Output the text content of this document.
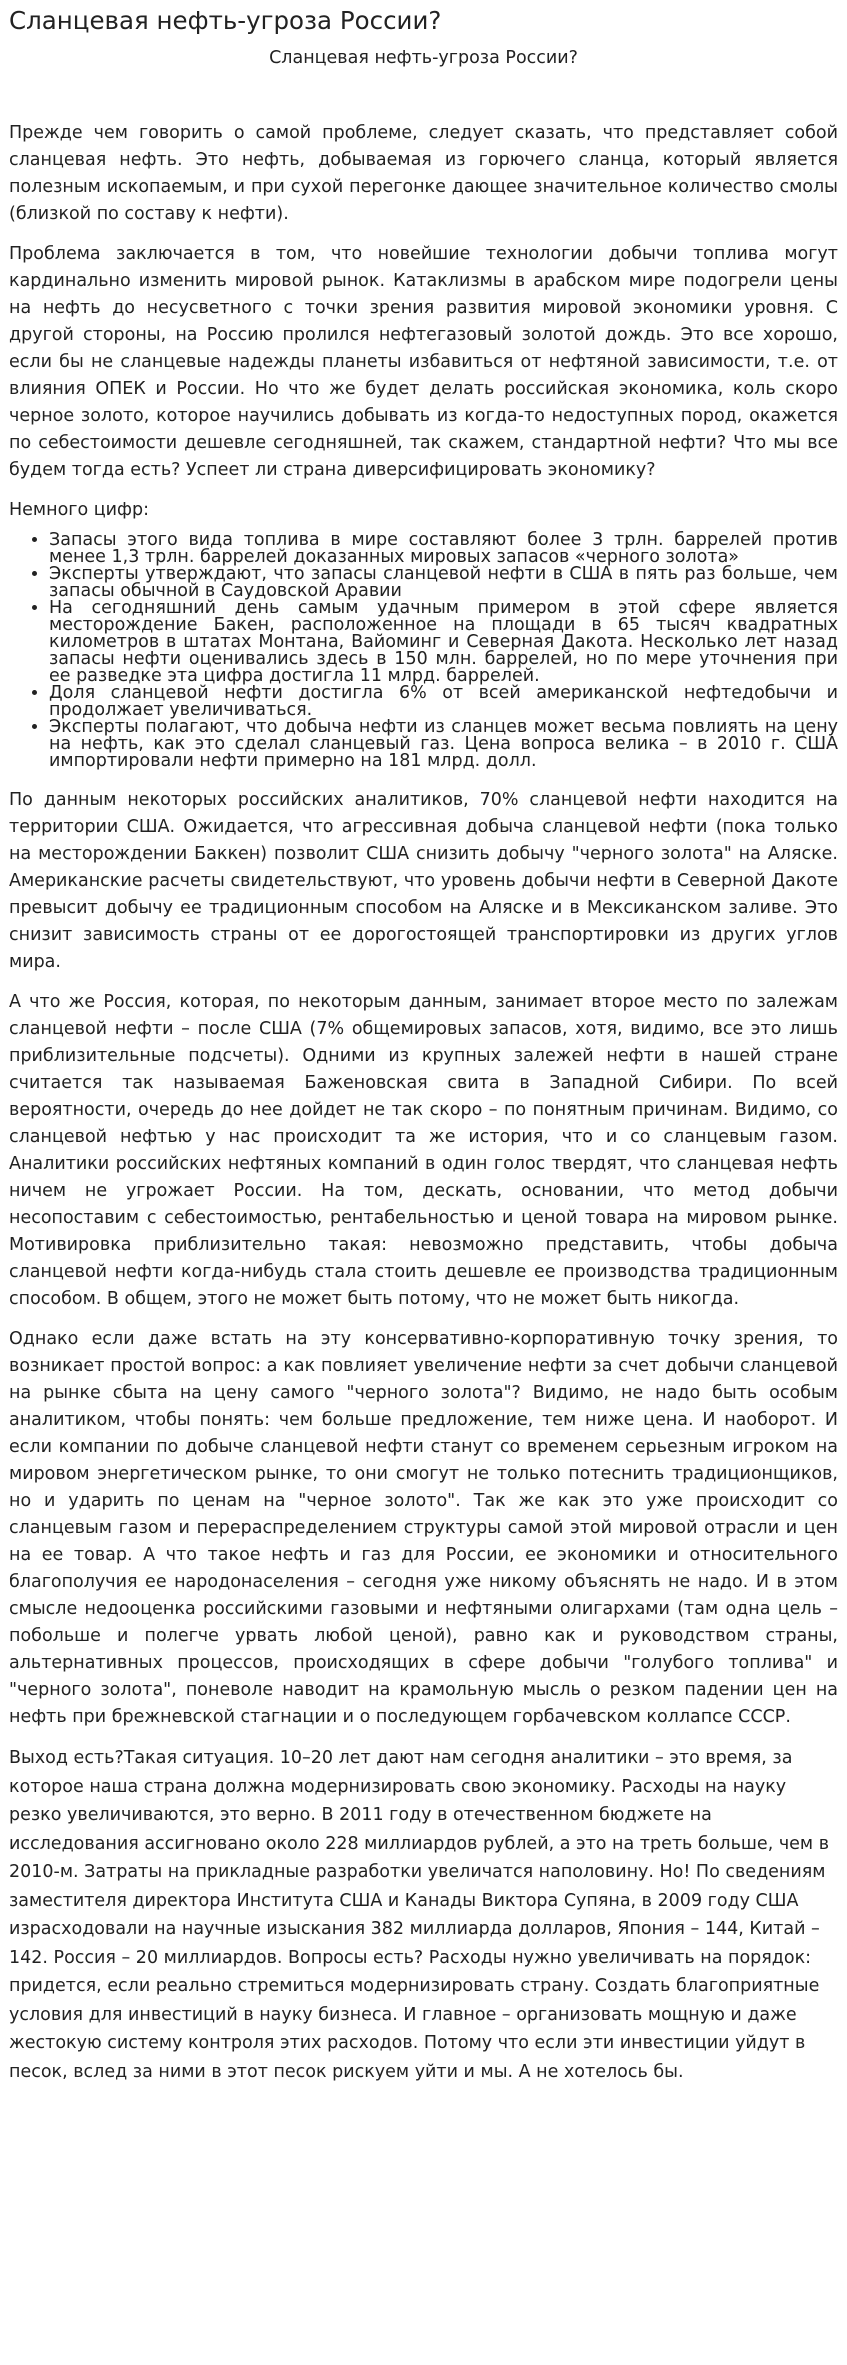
Сланцевая нефть-угроза России?
Сланцевая нефть-угроза России?

Прежде чем говорить о самой проблеме, следует сказать, что представляет собой сланцевая нефть. Это нефть, добываемая из горючего сланца, который является полезным ископаемым, и при сухой перегонке дающее значительное количество смолы (близкой по составу к нефти).

Проблема заключается в том, что новейшие технологии добычи топлива могут кардинально изменить мировой рынок. Катаклизмы в арабском мире подогрели цены на нефть до несусветного с точки зрения развития мировой экономики уровня. С другой стороны, на Россию пролился нефтегазовый золотой дождь. Это все хорошо, если бы не сланцевые надежды планеты избавиться от нефтяной зависимости, т.е. от влияния ОПЕК и России. Но что же будет делать российская экономика, коль скоро черное золото, которое научились добывать из когда-то недоступных пород, окажется по себестоимости дешевле сегодняшней, так скажем, стандартной нефти? Что мы все будем тогда есть? Успеет ли страна диверсифицировать экономику?

Немного цифр:

• Запасы этого вида топлива в мире составляют более 3 трлн. баррелей против менее 1,3 трлн. баррелей доказанных мировых запасов «черного золота»
• Эксперты утверждают, что запасы сланцевой нефти в США в пять раз больше, чем запасы обычной в Саудовской Аравии
• На сегодняшний день самым удачным примером в этой сфере является месторождение Бакен, расположенное на площади в 65 тысяч квадратных километров в штатах Монтана, Вайоминг и Северная Дакота. Несколько лет назад запасы нефти оценивались здесь в 150 млн. баррелей, но по мере уточнения при ее разведке эта цифра достигла 11 млрд. баррелей.
• Доля сланцевой нефти достигла 6% от всей американской нефтедобычи и продолжает увеличиваться.
• Эксперты полагают, что добыча нефти из сланцев может весьма повлиять на цену на нефть, как это сделал сланцевый газ. Цена вопроса велика – в 2010 г. США импортировали нефти примерно на 181 млрд. долл.

По данным некоторых российских аналитиков, 70% сланцевой нефти находится на территории США. Ожидается, что агрессивная добыча сланцевой нефти (пока только на месторождении Баккен) позволит США снизить добычу "черного золота" на Аляске. Американские расчеты свидетельствуют, что уровень добычи нефти в Северной Дакоте превысит добычу ее традиционным способом на Аляске и в Мексиканском заливе. Это снизит зависимость страны от ее дорогостоящей транспортировки из других углов мира.

А что же Россия, которая, по некоторым данным, занимает второе место по залежам сланцевой нефти – после США (7% общемировых запасов, хотя, видимо, все это лишь приблизительные подсчеты). Одними из крупных залежей нефти в нашей стране считается так называемая Баженовская свита в Западной Сибири. По всей вероятности, очередь до нее дойдет не так скоро – по понятным причинам. Видимо, со сланцевой нефтью у нас происходит та же история, что и со сланцевым газом. Аналитики российских нефтяных компаний в один голос твердят, что сланцевая нефть ничем не угрожает России. На том, дескать, основании, что метод добычи несопоставим с себестоимостью, рентабельностью и ценой товара на мировом рынке. Мотивировка приблизительно такая: невозможно представить, чтобы добыча сланцевой нефти когда-нибудь стала стоить дешевле ее производства традиционным способом. В общем, этого не может быть потому, что не может быть никогда.

Однако если даже встать на эту консервативно-корпоративную точку зрения, то возникает простой вопрос: а как повлияет увеличение нефти за счет добычи сланцевой на рынке сбыта на цену самого "черного золота"? Видимо, не надо быть особым аналитиком, чтобы понять: чем больше предложение, тем ниже цена. И наоборот. И если компании по добыче сланцевой нефти станут со временем серьезным игроком на мировом энергетическом рынке, то они смогут не только потеснить традиционщиков, но и ударить по ценам на "черное золото". Так же как это уже происходит со сланцевым газом и перераспределением структуры самой этой мировой отрасли и цен на ее товар. А что такое нефть и газ для России, ее экономики и относительного благополучия ее народонаселения – сегодня уже никому объяснять не надо. И в этом смысле недооценка российскими газовыми и нефтяными олигархами (там одна цель – побольше и полегче урвать любой ценой), равно как и руководством страны, альтернативных процессов, происходящих в сфере добычи "голубого топлива" и "черного золота", поневоле наводит на крамольную мысль о резком падении цен на нефть при брежневской стагнации и о последующем горбачевском коллапсе СССР.

Выход есть?Такая ситуация. 10–20 лет дают нам сегодня аналитики – это время, за которое наша страна должна модернизировать свою экономику. Расходы на науку резко увеличиваются, это верно. В 2011 году в отечественном бюджете на исследования ассигновано около 228 миллиардов рублей, а это на треть больше, чем в 2010-м. Затраты на прикладные разработки увеличатся наполовину. Но! По сведениям заместителя директора Института США и Канады Виктора Супяна, в 2009 году США израсходовали на научные изыскания 382 миллиарда долларов, Япония – 144, Китай – 142. Россия – 20 миллиардов. Вопросы есть? Расходы нужно увеличивать на порядок: придется, если реально стремиться модернизировать страну. Создать благоприятные условия для инвестиций в науку бизнеса. И главное – организовать мощную и даже жестокую систему контроля этих расходов. Потому что если эти инвестиции уйдут в песок, вслед за ними в этот песок рискуем уйти и мы. А не хотелось бы.
